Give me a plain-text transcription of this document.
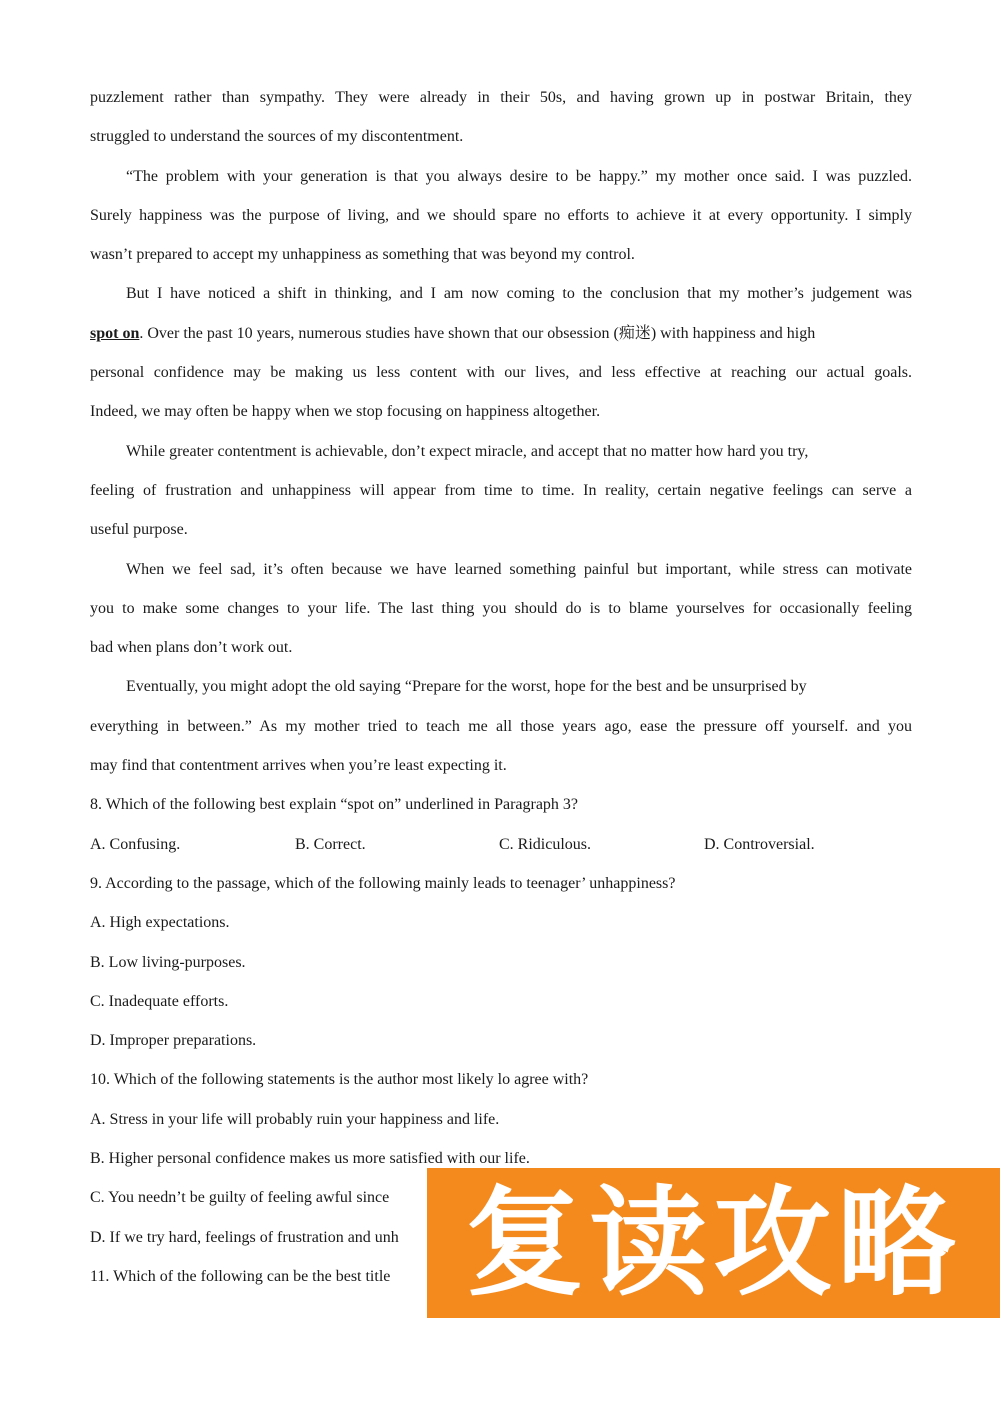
puzzlement rather than sympathy. They were already in their 50s, and having grown up in postwar Britain, they
struggled to understand the sources of my discontentment.
“The problem with your generation is that you always desire to be happy.” my mother once said. I was puzzled.
Surely happiness was the purpose of living, and we should spare no efforts to achieve it at every opportunity. I simply
wasn’t prepared to accept my unhappiness as something that was beyond my control.
But I have noticed a shift in thinking, and I am now coming to the conclusion that my mother’s judgement was
spot on. Over the past 10 years, numerous studies have shown that our obsession (痴迷) with happiness and high
personal confidence may be making us less content with our lives, and less effective at reaching our actual goals.
Indeed, we may often be happy when we stop focusing on happiness altogether.
While greater contentment is achievable, don’t expect miracle, and accept that no matter how hard you try,
feeling of frustration and unhappiness will appear from time to time. In reality, certain negative feelings can serve a
useful purpose.
When we feel sad, it’s often because we have learned something painful but important, while stress can motivate
you to make some changes to your life. The last thing you should do is to blame yourselves for occasionally feeling
bad when plans don’t work out.
Eventually, you might adopt the old saying “Prepare for the worst, hope for the best and be unsurprised by
everything in between.” As my mother tried to teach me all those years ago, ease the pressure off yourself. and you
may find that contentment arrives when you’re least expecting it.
8. Which of the following best explain “spot on” underlined in Paragraph 3?
A. Confusing.	B. Correct.	C. Ridiculous.	D. Controversial.
9. According to the passage, which of the following mainly leads to teenager’ unhappiness?
A. High expectations.
B. Low living-purposes.
C. Inadequate efforts.
D. Improper preparations.
10. Which of the following statements is the author most likely lo agree with?
A. Stress in your life will probably ruin your happiness and life.
B. Higher personal confidence makes us more satisfied with our life.
C. You needn’t be guilty of feeling awful since
D. If we try hard, feelings of frustration and unh
11. Which of the following can be the best title 复读攻略
